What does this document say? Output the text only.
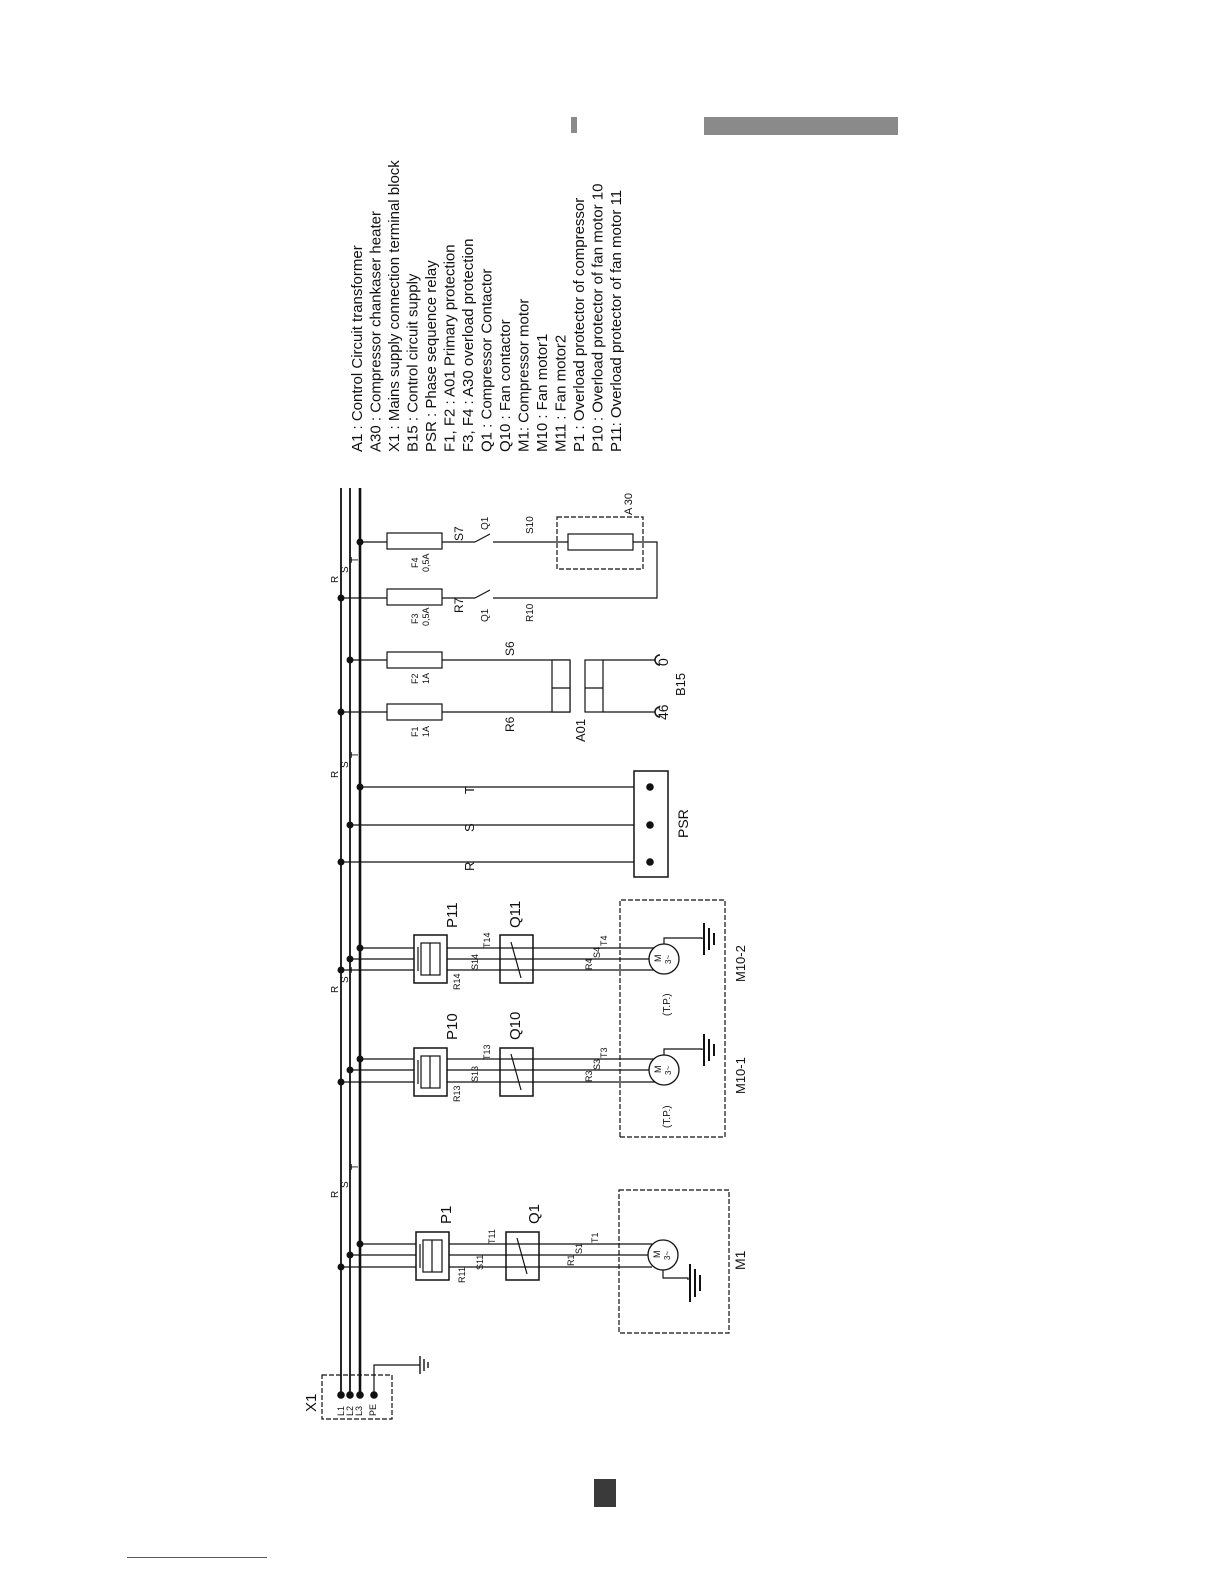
A1 : Control Circuit transformer A30 : Compressor chankaser heater X1 : Mains supply connection terminal block B15 : Control circuit supply PSR : Phase sequence relay F1, F2 : A01 Primary protection F3, F4 : A30 overload protection Q1 : Compressor Contactor Q10 : Fan contactor M1: Compressor motor M10 : Fan motor1 M11 : Fan motor2 P1 : Overload protector of compressor P10 : Overload protector of fan motor 10 P11: Overload protector of fan motor 11
R
S
T
R
S
T
R
S
T
R
S
T
X1 L1 L2 L3 PE
P1	Q1
R11
S11
T11
R1
S1
T1
M 3~	M1
P10	Q10
R13
S13
T13
R3
S3
T3
M 3~
(T.P.)
M10-1
P11	Q11
R14
S14
T14
R4
S4
T4
M 3~
(T.P.)
M10-2
R
S
T
PSR
F1 1A
F2 1A
R6
S6
A01
46
0
B15
F3 0,5A
F4 0,5A
R7
S7
Q1
Q1
R10
S10
A 30
